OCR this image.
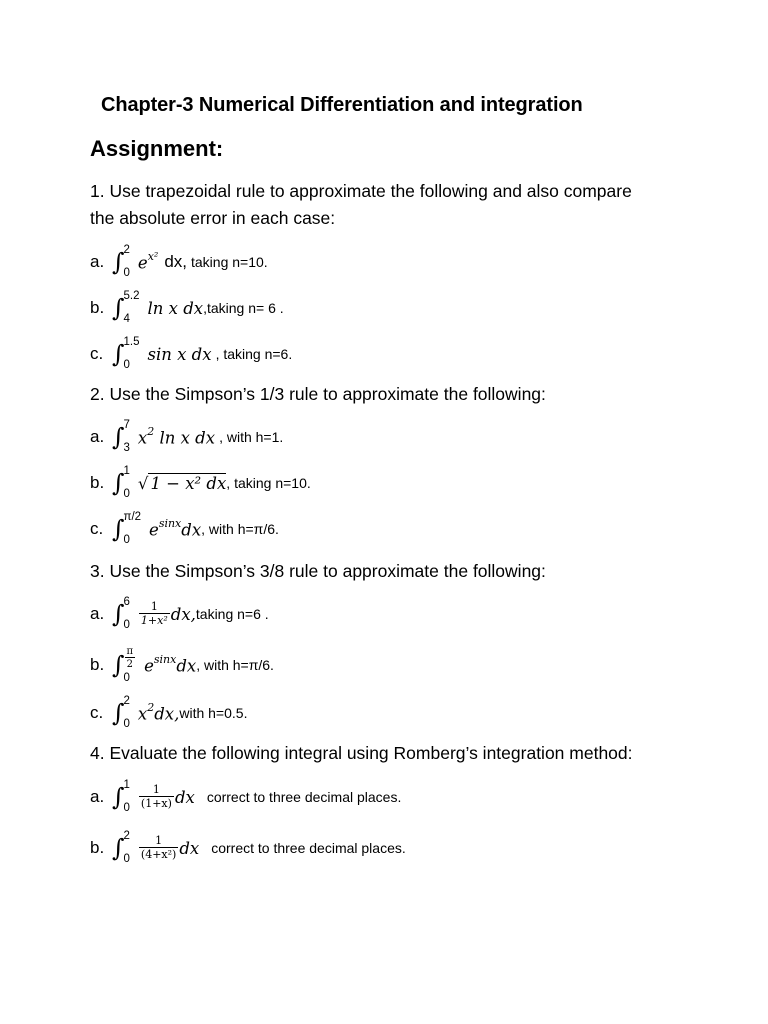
Chapter-3 Numerical Differentiation and integration
Assignment:
1. Use trapezoidal rule to approximate the following and also compare
the absolute error in each case:
a. ∫ 2
0
$e^{x^2}$ dx, taking n=10.
b. ∫ 5.2
4
ln x dx ,taking n= 6 .
c. ∫ 1.5
0
sin x dx , taking n=6.
2. Use the Simpson’s 1/3 rule to approximate the following:
a. ∫ 7
3
$x^2$ ln x dx , with h=1.
b. ∫ 1
0
√ 1 − x² dx , taking n=10.
c. ∫ π/2
0
$e^{sinx}dx$ , with h=π/6.
3. Use the Simpson’s 3/8 rule to approximate the following:
a. ∫ 6
$0 \frac{1}{\text{1+x²}}$ dx, taking n=6 .
b. ∫ $\frac{\pi}{2}$
0
$e^{sinx}dx$ , with h=π/6.
c. ∫ 2
0
$x^2dx$, with h=0.5.
4. Evaluate the following integral using Romberg’s integration method:
a. ∫ 1
$0 \frac{1}{(1+x)}$ dx correct to three decimal places.
b. ∫ 2
$0 \frac{1}{\text{(4+x²)}}$ dx correct to three decimal places.
